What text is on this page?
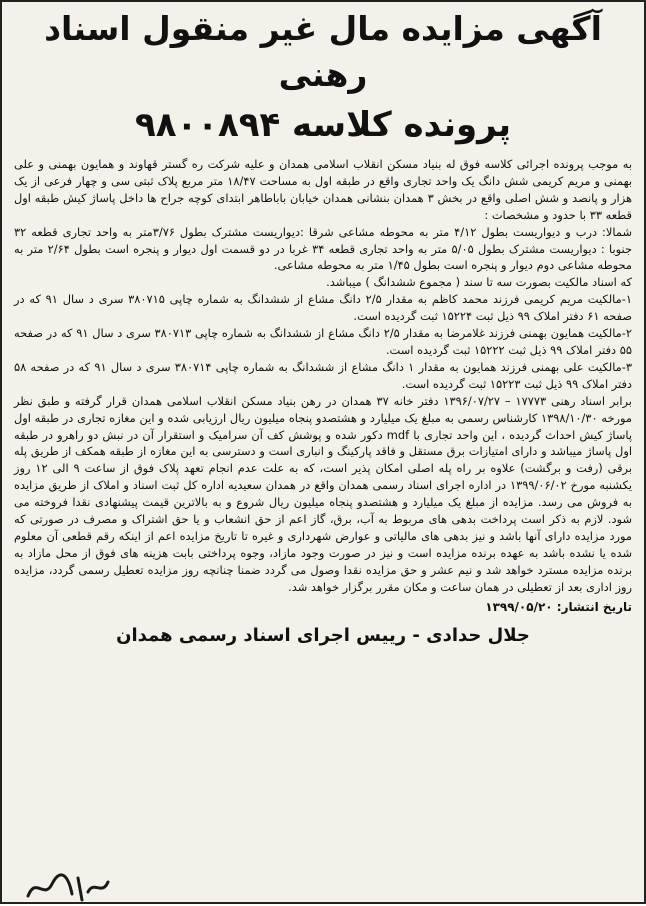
آگهی مزایده مال غیر منقول اسناد رهنی
پرونده کلاسه ۹۸۰۰۸۹۴

به موجب پرونده اجرائی کلاسه فوق له بنیاد مسکن انقلاب اسلامی همدان و علیه شرکت ره گستر قهاوند و همایون بهمنی و علی بهمنی و مریم کریمی شش دانگ یک واحد تجاری واقع در طبقه اول به مساحت ۱۸/۴۷ متر مربع پلاک ثبتی سی و چهار فرعی از یک هزار و پانصد و شش اصلی واقع در بخش ۳ همدان بنشانی همدان خیابان باباطاهر ابتدای کوچه جراح ها داخل پاساژ کیش طبقه اول قطعه ۳۳ با حدود و مشخصات :

شمالا: درب و دیواریست بطول ۴/۱۲ متر به محوطه مشاعی شرقا :دیواریست مشترک بطول ۳/۷۶متر به واحد تجاری قطعه ۳۲ جنوبا : دیواریست مشترک بطول ۵/۰۵ متر به واحد تجاری قطعه ۳۴ غربا در دو قسمت اول دیوار و پنجره است بطول ۲/۶۴ متر به محوطه مشاعی دوم دیوار و پنجره است بطول ۱/۴۵ متر به محوطه مشاعی.

که اسناد مالکیت بصورت سه تا سند ( مجموع ششدانگ ) میباشد.

۱-مالکیت مریم کریمی فرزند محمد کاظم به مقدار ۲/۵ دانگ مشاع از ششدانگ به شماره چاپی ۳۸۰۷۱۵ سری د سال ۹۱ که در صفحه ۶۱ دفتر املاک ۹۹ ذیل ثبت ۱۵۲۲۴ ثبت گردیده است.

۲-مالکیت همایون بهمنی فرزند غلامرضا به مقدار ۲/۵ دانگ مشاع از ششدانگ به شماره چاپی ۳۸۰۷۱۳ سری د سال ۹۱ که در صفحه ۵۵ دفتر املاک ۹۹ ذیل ثبت ۱۵۲۲۲ ثبت گردیده است.

۳-مالکیت علی بهمنی فرزند همایون به مقدار ۱ دانگ مشاع از ششدانگ به شماره چاپی ۳۸۰۷۱۴ سری د سال ۹۱ که در صفحه ۵۸ دفتر املاک ۹۹ ذیل ثبت ۱۵۲۲۳ ثبت گردیده است.

برابر اسناد رهنی ۱۷۷۷۳ – ۱۳۹۶/۰۷/۲۷ دفتر خانه ۳۷ همدان در رهن بنیاد مسکن انقلاب اسلامی همدان قرار گرفته و طبق نظر مورخه ۱۳۹۸/۱۰/۳۰ کارشناس رسمی به مبلغ یک میلیارد و هشتصدو پنجاه میلیون ریال ارزیابی شده و این مغازه تجاری در طبقه اول پاساژ کیش احداث گردیده ، این واحد تجاری با mdf دکور شده و پوشش کف آن سرامیک و استقرار آن در نبش دو راهرو در طبقه اول پاساژ میباشد و دارای امتیازات برق مستقل و فاقد پارکینگ و انباری است و دسترسی به این مغازه از طبقه همکف از طریق پله برقی (رفت و برگشت) علاوه بر راه پله اصلی امکان پذیر است، که به علت عدم انجام تعهد پلاک فوق از ساعت ۹ الی ۱۲ روز یکشنبه مورخ ۱۳۹۹/۰۶/۰۲ در اداره اجرای اسناد رسمی همدان واقع در همدان سعیدیه اداره کل ثبت اسناد و املاک از طریق مزایده به فروش می رسد. مزایده از مبلغ یک میلیارد و هشتصدو پنجاه میلیون ریال شروع و به بالاترین قیمت پیشنهادی نقدا فروخته می شود. لازم به ذکر است پرداخت بدهی های مربوط به آب، برق، گاز اعم از حق انشعاب و یا حق اشتراک و مصرف در صورتی که مورد مزایده دارای آنها باشد و نیز بدهی های مالیاتی و عوارض شهرداری و غیره تا تاریخ مزایده اعم از اینکه رقم قطعی آن معلوم شده یا نشده باشد به عهده برنده مزایده است و نیز در صورت وجود مازاد، وجوه پرداختی بابت هزینه های فوق از محل مازاد به برنده مزایده مسترد خواهد شد و نیم عشر و حق مزایده نقدا وصول می گردد ضمنا چنانچه روز مزایده تعطیل رسمی گردد، مزایده روز اداری بعد از تعطیلی در همان ساعت و مکان مقرر برگزار خواهد شد.

تاریخ انتشار: ۱۳۹۹/۰۵/۲۰
جلال حدادی - رییس اجرای اسناد رسمی همدان
